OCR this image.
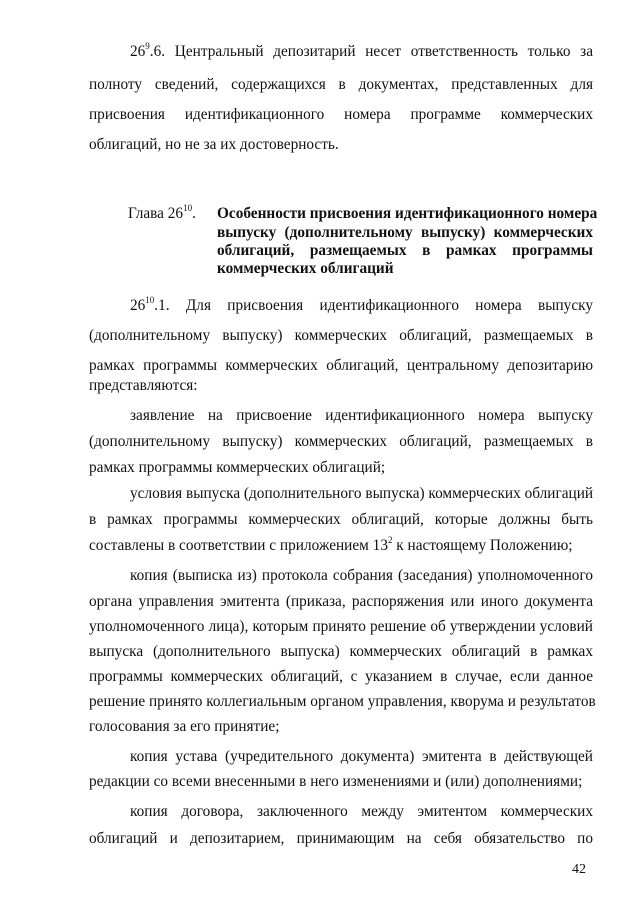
$26^9.6$. Центральный депозитарий несет ответственность только за

полноту сведений, содержащихся в документах, представленных для

присвоения идентификационного номера программе коммерческих

облигаций, но не за их достоверность.

Глава $26^{10}$. Особенности присвоения идентификационного номера

выпуску (дополнительному выпуску) коммерческих

облигаций, размещаемых в рамках программы

коммерческих облигаций

$26^{10}.1$. Для присвоения идентификационного номера выпуску

(дополнительному выпуску) коммерческих облигаций, размещаемых в

рамках программы коммерческих облигаций, центральному депозитарию

представляются:

заявление на присвоение идентификационного номера выпуску

(дополнительному выпуску) коммерческих облигаций, размещаемых в

рамках программы коммерческих облигаций;

условия выпуска (дополнительного выпуска) коммерческих облигаций

в рамках программы коммерческих облигаций, которые должны быть

составлены в соответствии с приложением $13^2$ к настоящему Положению;

копия (выписка из) протокола собрания (заседания) уполномоченного

органа управления эмитента (приказа, распоряжения или иного документа

уполномоченного лица), которым принято решение об утверждении условий

выпуска (дополнительного выпуска) коммерческих облигаций в рамках

программы коммерческих облигаций, с указанием в случае, если данное

решение принято коллегиальным органом управления, кворума и результатов

голосования за его принятие;

копия устава (учредительного документа) эмитента в действующей

редакции со всеми внесенными в него изменениями и (или) дополнениями;

копия договора, заключенного между эмитентом коммерческих

облигаций и депозитарием, принимающим на себя обязательство по

42
